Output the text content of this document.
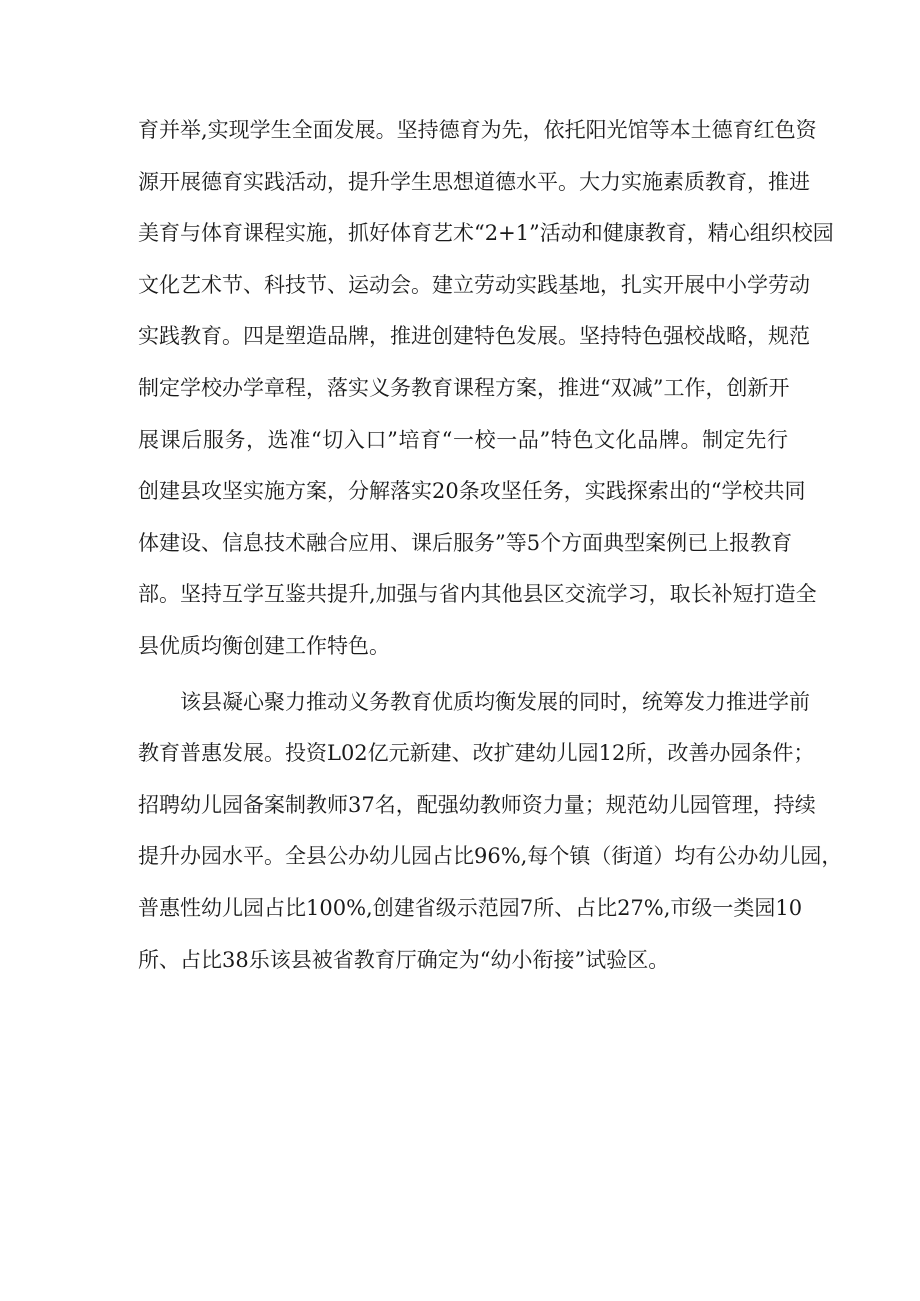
育并举,实现学生全面发展。坚持德育为先，依托阳光馆等本土德育红色资
源开展德育实践活动，提升学生思想道德水平。大力实施素质教育，推进
美育与体育课程实施，抓好体育艺术“2+1”活动和健康教育，精心组织校园
文化艺术节、科技节、运动会。建立劳动实践基地，扎实开展中小学劳动
实践教育。四是塑造品牌，推进创建特色发展。坚持特色强校战略，规范
制定学校办学章程，落实义务教育课程方案，推进“双减”工作，创新开
展课后服务，选准“切入口”培育“一校一品”特色文化品牌。制定先行
创建县攻坚实施方案，分解落实20条攻坚任务，实践探索出的“学校共同
体建设、信息技术融合应用、课后服务”等5个方面典型案例已上报教育
部。坚持互学互鉴共提升,加强与省内其他县区交流学习，取长补短打造全
县优质均衡创建工作特色。
该县凝心聚力推动义务教育优质均衡发展的同时，统筹发力推进学前
教育普惠发展。投资L02亿元新建、改扩建幼儿园12所，改善办园条件；
招聘幼儿园备案制教师37名，配强幼教师资力量；规范幼儿园管理，持续
提升办园水平。全县公办幼儿园占比96%,每个镇（街道）均有公办幼儿园，
普惠性幼儿园占比100%,创建省级示范园7所、占比27%,市级一类园10
所、占比38乐该县被省教育厅确定为“幼小衔接”试验区。
